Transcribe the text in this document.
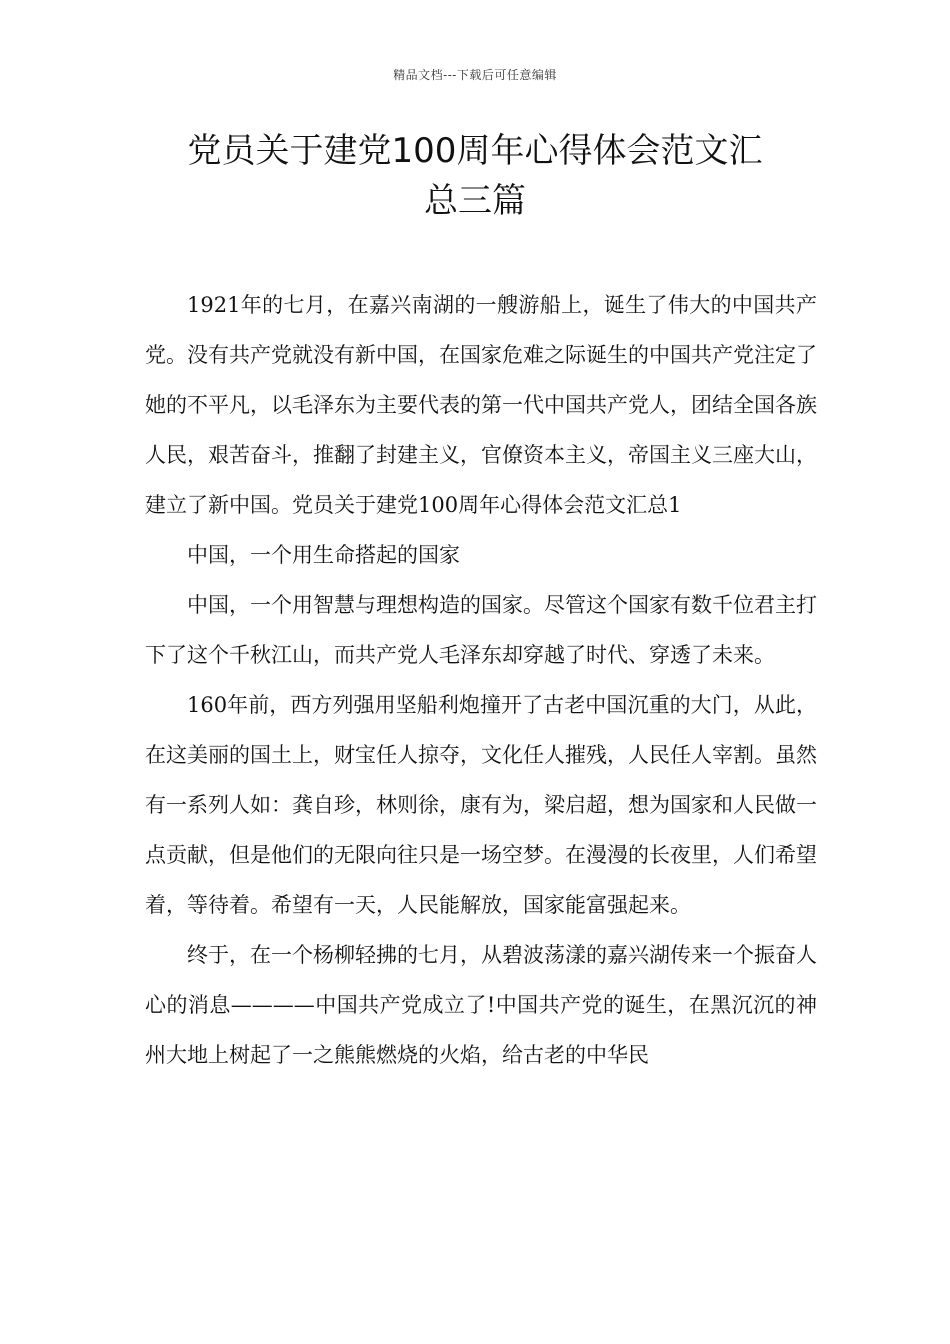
精品文档---下载后可任意编辑
党员关于建党100周年心得体会范文汇
总三篇

1921年的七月，在嘉兴南湖的一艘游船上，诞生了伟大的中国共产党。没有共产党就没有新中国，在国家危难之际诞生的中国共产党注定了她的不平凡，以毛泽东为主要代表的第一代中国共产党人，团结全国各族人民，艰苦奋斗，推翻了封建主义，官僚资本主义，帝国主义三座大山，建立了新中国。党员关于建党100周年心得体会范文汇总1

中国，一个用生命搭起的国家

中国，一个用智慧与理想构造的国家。尽管这个国家有数千位君主打下了这个千秋江山，而共产党人毛泽东却穿越了时代、穿透了未来。

160年前，西方列强用坚船利炮撞开了古老中国沉重的大门，从此，在这美丽的国土上，财宝任人掠夺，文化任人摧残，人民任人宰割。虽然有一系列人如：龚自珍，林则徐，康有为，梁启超，想为国家和人民做一点贡献，但是他们的无限向往只是一场空梦。在漫漫的长夜里，人们希望着，等待着。希望有一天，人民能解放，国家能富强起来。

终于，在一个杨柳轻拂的七月，从碧波荡漾的嘉兴湖传来一个振奋人心的消息————中国共产党成立了!中国共产党的诞生，在黑沉沉的神州大地上树起了一之熊熊燃烧的火焰，给古老的中华民
